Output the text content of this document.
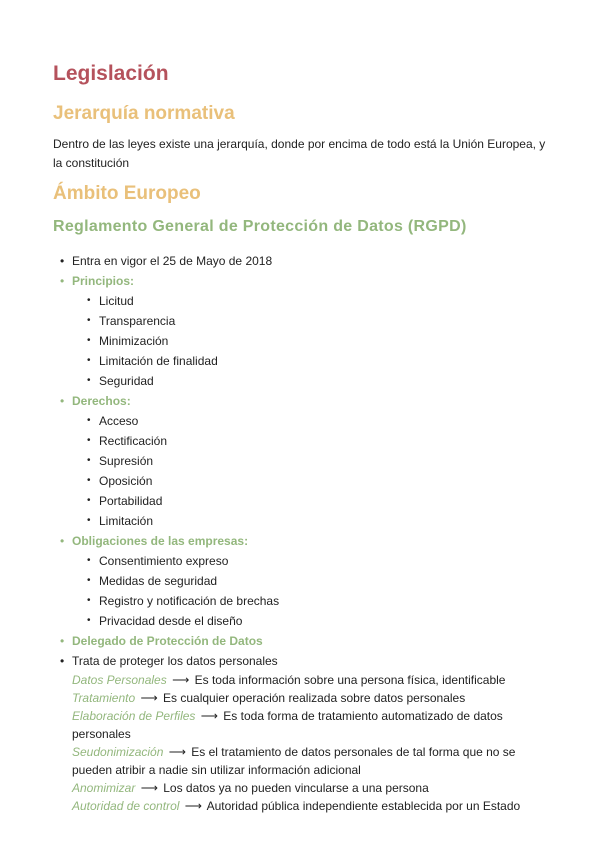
Legislación
Jerarquía normativa

Dentro de las leyes existe una jerarquía, donde por encima de todo está la Unión Europea, y la constitución

Ámbito Europeo
Reglamento General de Protección de Datos (RGPD)
• Entra en vigor el 25 de Mayo de 2018
• Principios:
• Licitud
• Transparencia
• Minimización
• Limitación de finalidad
• Seguridad
• Derechos:
• Acceso
• Rectificación
• Supresión
• Oposición
• Portabilidad
• Limitación
• Obligaciones de las empresas:
• Consentimiento expreso
• Medidas de seguridad
• Registro y notificación de brechas
• Privacidad desde el diseño
• Delegado de Protección de Datos
• Trata de proteger los datos personales
Datos Personales ⟶ Es toda información sobre una persona física, identificable
Tratamiento ⟶ Es cualquier operación realizada sobre datos personales
Elaboración de Perfiles ⟶ Es toda forma de tratamiento automatizado de datos personales
Seudonimización ⟶ Es el tratamiento de datos personales de tal forma que no se pueden atribir a nadie sin utilizar información adicional
Anomimizar ⟶ Los datos ya no pueden vincularse a una persona
Autoridad de control ⟶ Autoridad pública independiente establecida por un Estado
